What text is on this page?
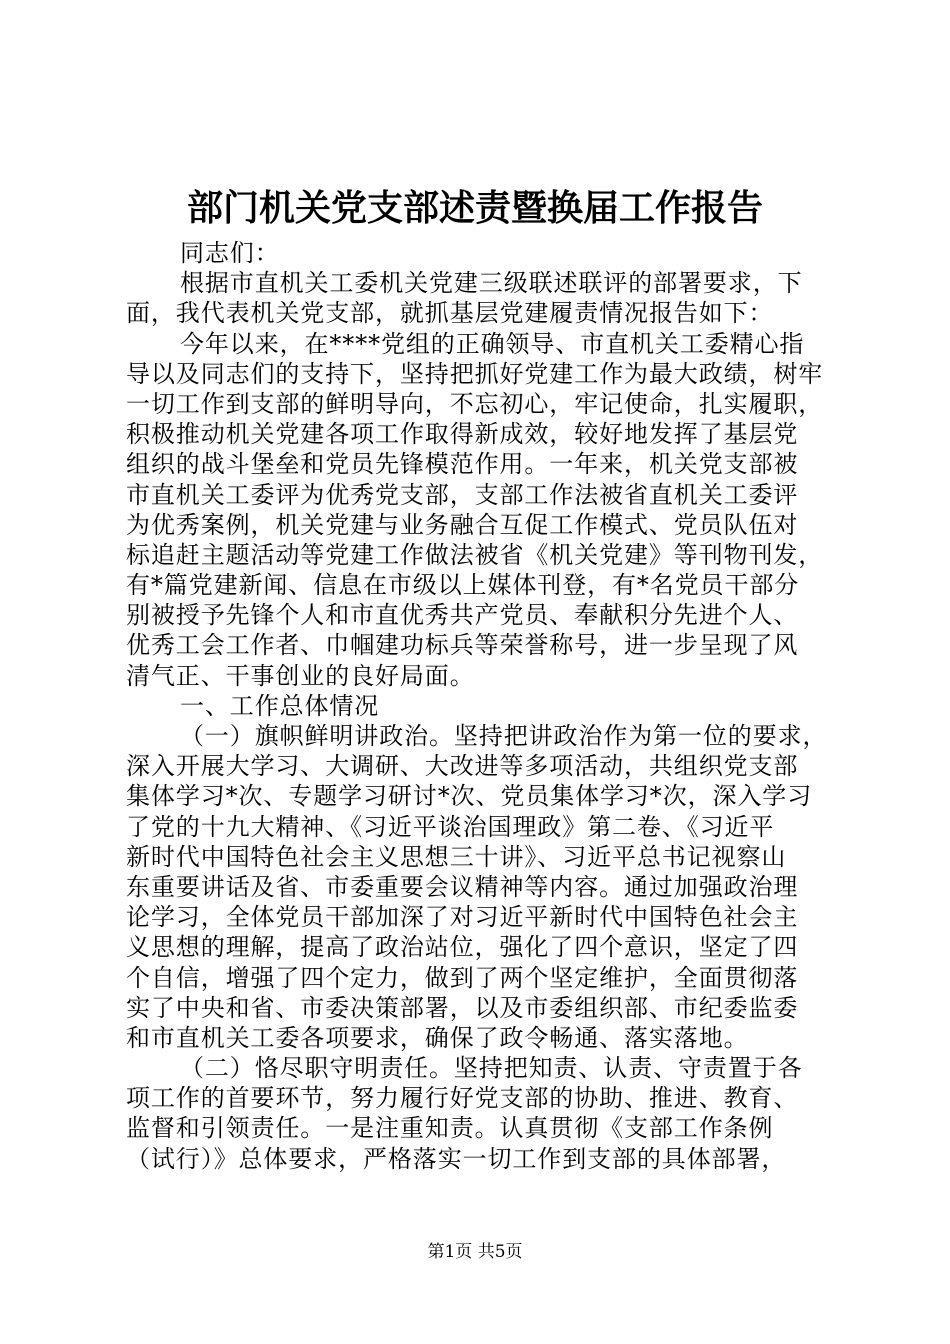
部门机关党支部述责暨换届工作报告
同志们：
根据市直机关工委机关党建三级联述联评的部署要求，下
面，我代表机关党支部，就抓基层党建履责情况报告如下：
今年以来，在****党组的正确领导、市直机关工委精心指
导以及同志们的支持下，坚持把抓好党建工作为最大政绩，树牢
一切工作到支部的鲜明导向，不忘初心，牢记使命，扎实履职，
积极推动机关党建各项工作取得新成效，较好地发挥了基层党
组织的战斗堡垒和党员先锋模范作用。一年来，机关党支部被
市直机关工委评为优秀党支部，支部工作法被省直机关工委评
为优秀案例，机关党建与业务融合互促工作模式、党员队伍对
标追赶主题活动等党建工作做法被省《机关党建》等刊物刊发，
有*篇党建新闻、信息在市级以上媒体刊登，有*名党员干部分
别被授予先锋个人和市直优秀共产党员、奉献积分先进个人、
优秀工会工作者、巾帼建功标兵等荣誉称号，进一步呈现了风
清气正、干事创业的良好局面。
一、工作总体情况
（一）旗帜鲜明讲政治。坚持把讲政治作为第一位的要求，
深入开展大学习、大调研、大改进等多项活动，共组织党支部
集体学习*次、专题学习研讨*次、党员集体学习*次，深入学习
了党的十九大精神、《习近平谈治国理政》第二卷、《习近平
新时代中国特色社会主义思想三十讲》、习近平总书记视察山
东重要讲话及省、市委重要会议精神等内容。通过加强政治理
论学习，全体党员干部加深了对习近平新时代中国特色社会主
义思想的理解，提高了政治站位，强化了四个意识，坚定了四
个自信，增强了四个定力，做到了两个坚定维护，全面贯彻落
实了中央和省、市委决策部署，以及市委组织部、市纪委监委
和市直机关工委各项要求，确保了政令畅通、落实落地。
（二）恪尽职守明责任。坚持把知责、认责、守责置于各
项工作的首要环节，努力履行好党支部的协助、推进、教育、
监督和引领责任。一是注重知责。认真贯彻《支部工作条例
（试行）》总体要求，严格落实一切工作到支部的具体部署，
第1页 共5页
